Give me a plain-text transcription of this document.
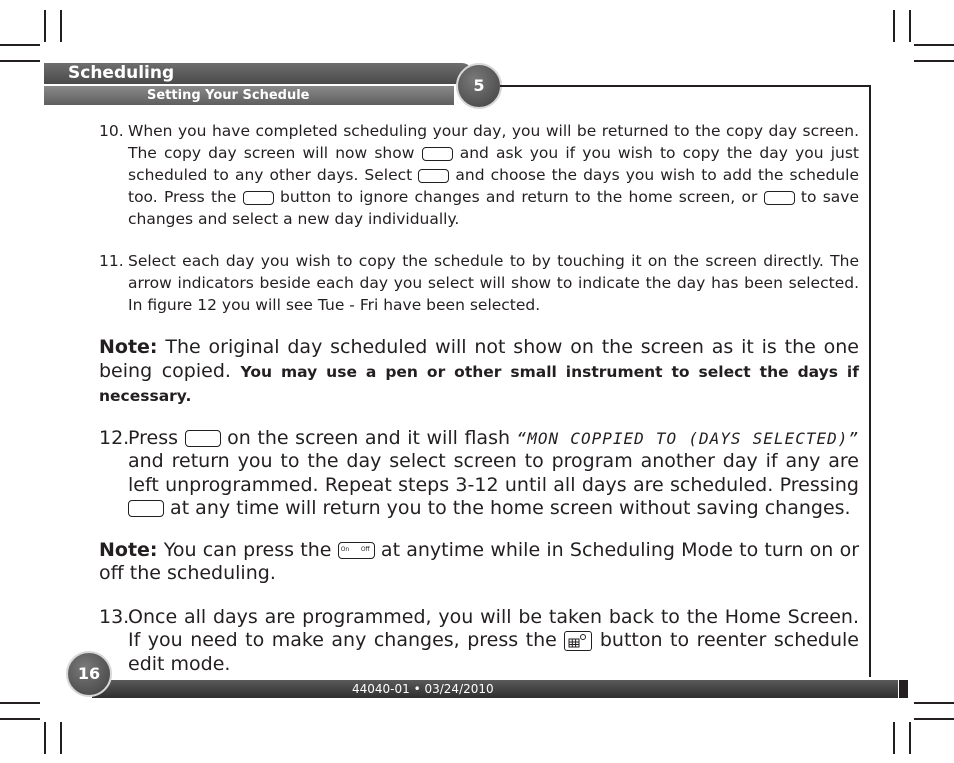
Scheduling
Setting Your Schedule
5
10. When you have completed scheduling your day, you will be returned to the copy day screen. The copy day screen will now show	and ask you if you wish to copy the day you just scheduled to any other days. Select	and choose the days you wish to add the schedule too. Press the	button to ignore changes and return to the home screen, or	to save changes and select a new day individually.
11. Select each day you wish to copy the schedule to by touching it on the screen directly. The arrow indicators beside each day you select will show to indicate the day has been selected. In figure 12 you will see Tue - Fri have been selected.
Note: The original day scheduled will not show on the screen as it is the one being copied. You may use a pen or other small instrument to select the days if necessary.
12.
Press	on the screen and it will flash “MON COPPIED TO (DAYS SELECTED)” and return you to the day select screen to program another day if any are left unprogrammed. Repeat steps 3-12 until all days are scheduled. Pressing  at any time will return you to the home screen without saving changes.
Note: You can press the On Off at anytime while in Scheduling Mode to turn on or off the scheduling.
13.
Once all days are programmed, you will be taken back to the Home Screen. If you need to make any changes, press the button to reenter schedule edit mode.
44040-01 • 03/24/2010
16
